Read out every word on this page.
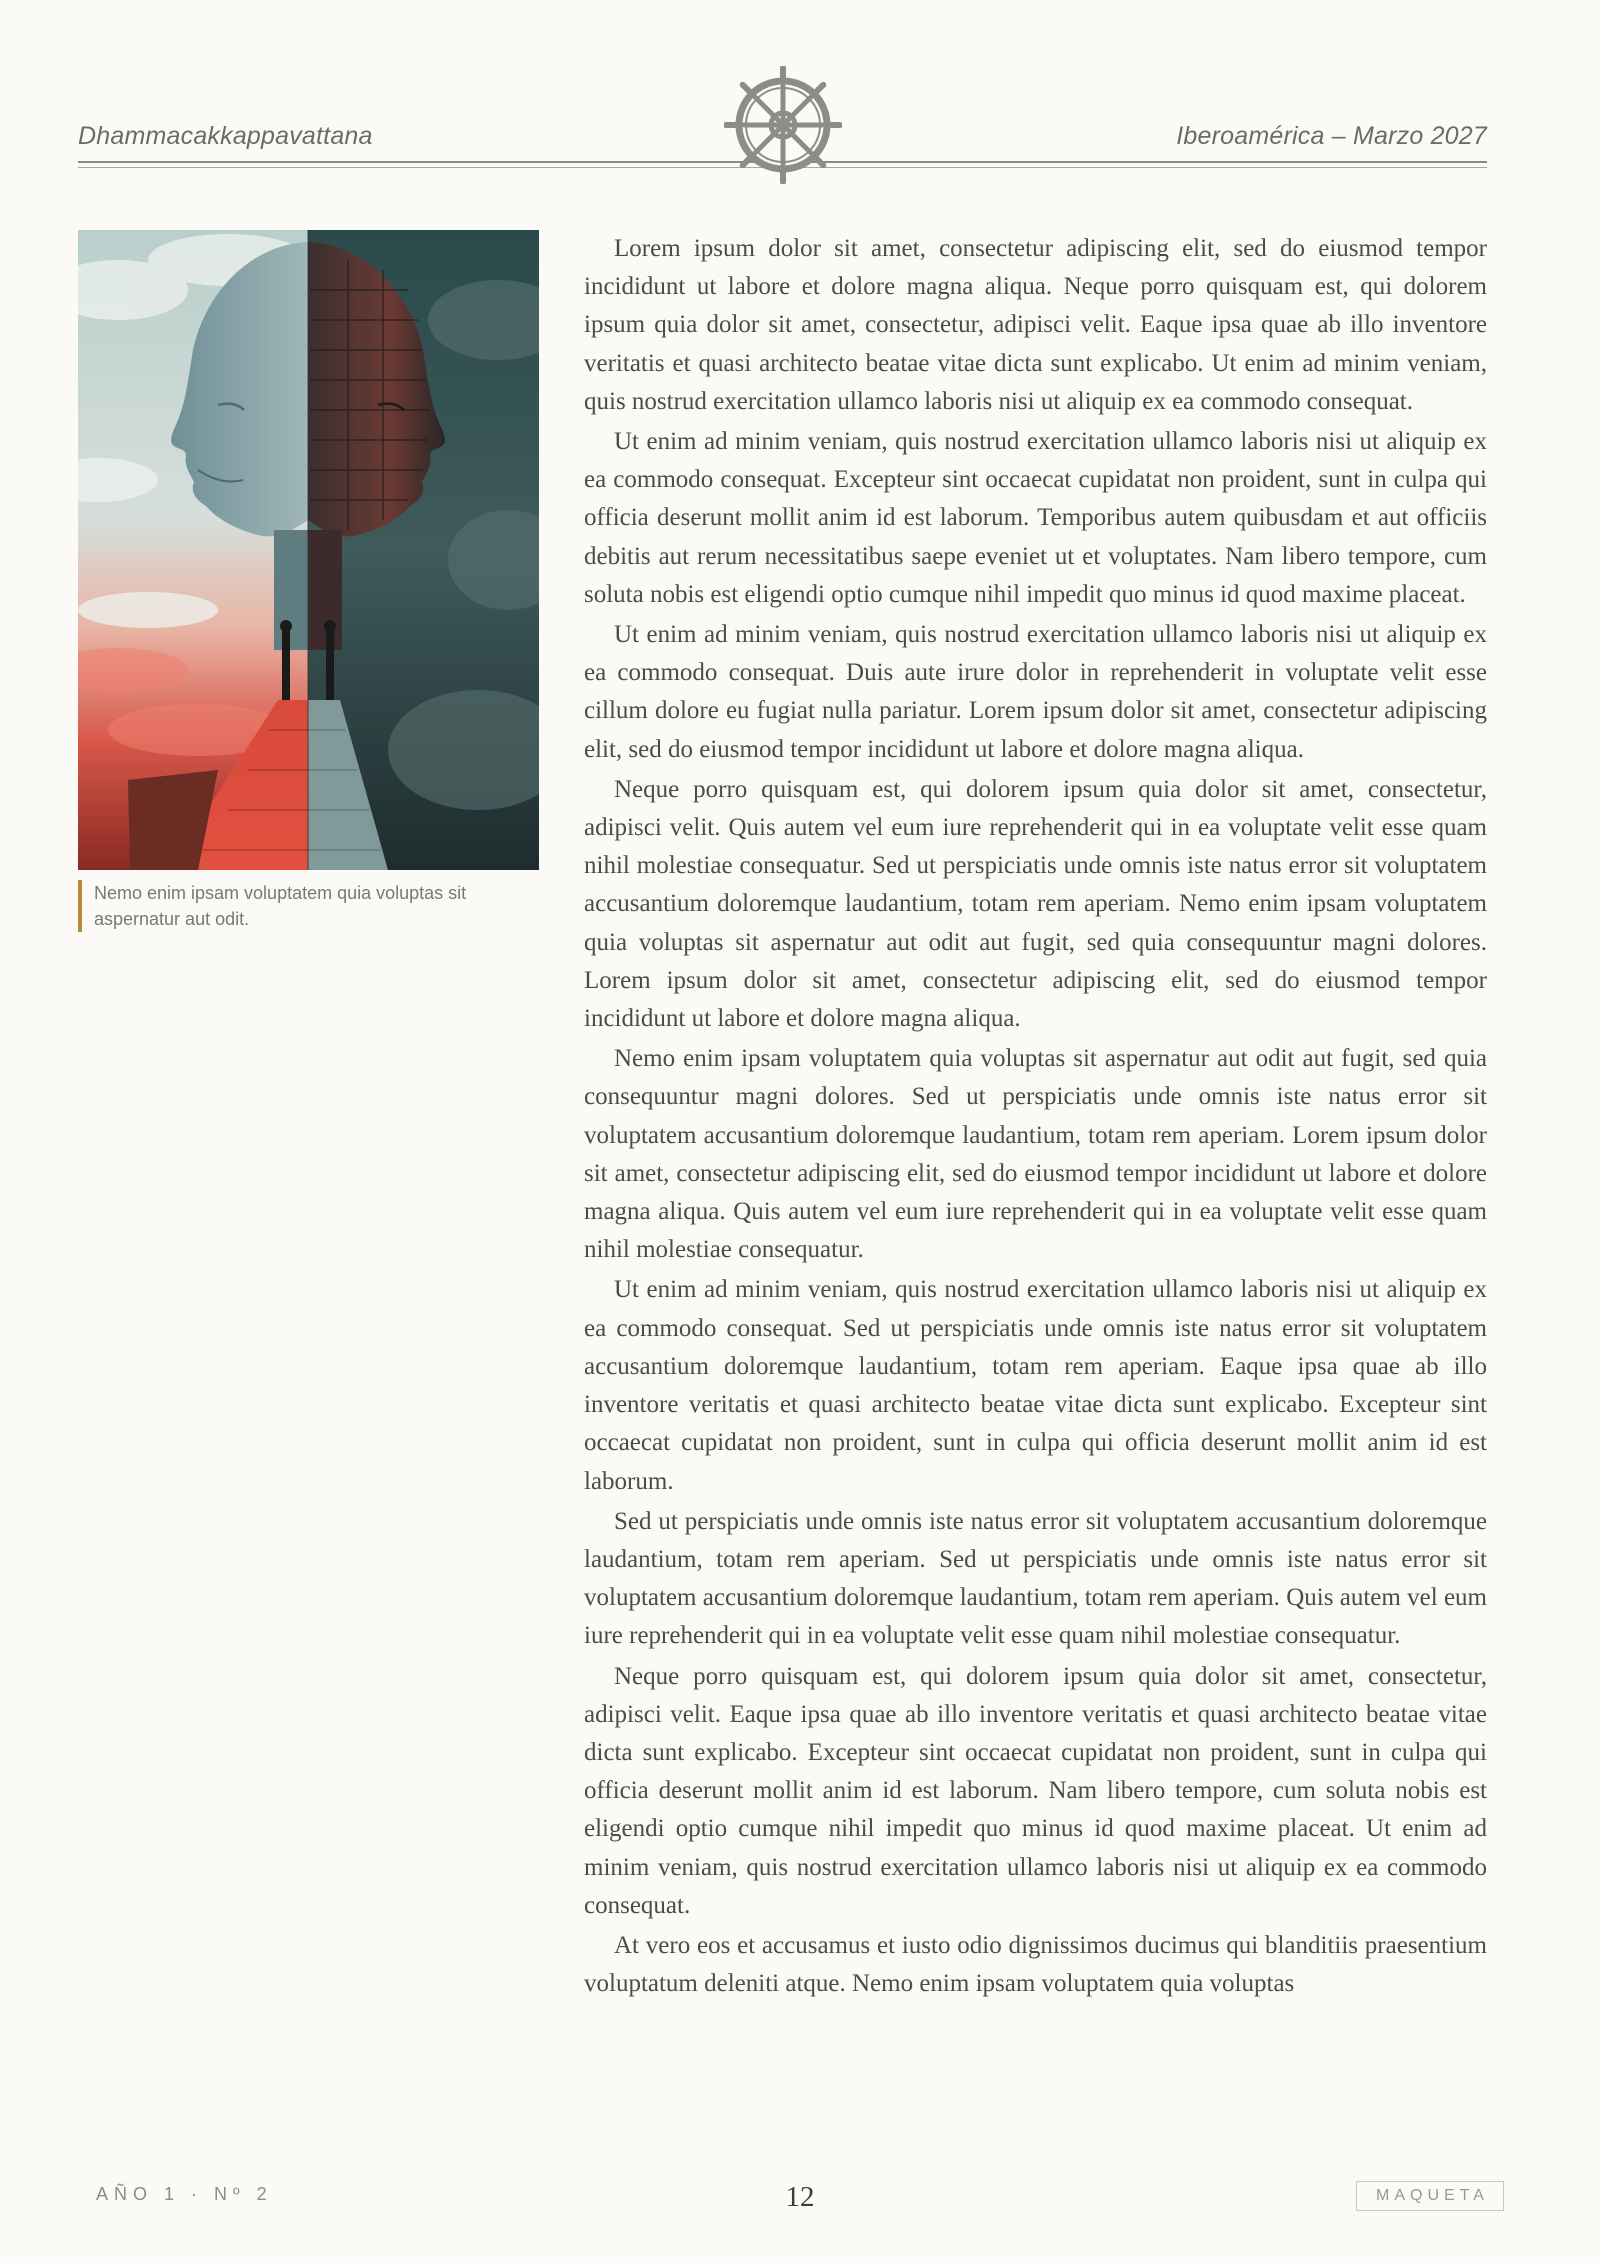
Dhammacakkappavattana	Iberoamérica – Marzo 2027
Nemo enim ipsam voluptatem quia voluptas sit aspernatur aut odit.

Lorem ipsum dolor sit amet, consectetur adipiscing elit, sed do eiusmod tempor incididunt ut labore et dolore magna aliqua. Neque porro quisquam est, qui dolorem ipsum quia dolor sit amet, consectetur, adipisci velit. Eaque ipsa quae ab illo inventore veritatis et quasi architecto beatae vitae dicta sunt explicabo. Ut enim ad minim veniam, quis nostrud exercitation ullamco laboris nisi ut aliquip ex ea commodo consequat.

Ut enim ad minim veniam, quis nostrud exercitation ullamco laboris nisi ut aliquip ex ea commodo consequat. Excepteur sint occaecat cupidatat non proident, sunt in culpa qui officia deserunt mollit anim id est laborum. Temporibus autem quibusdam et aut officiis debitis aut rerum necessitatibus saepe eveniet ut et voluptates. Nam libero tempore, cum soluta nobis est eligendi optio cumque nihil impedit quo minus id quod maxime placeat.

Ut enim ad minim veniam, quis nostrud exercitation ullamco laboris nisi ut aliquip ex ea commodo consequat. Duis aute irure dolor in reprehenderit in voluptate velit esse cillum dolore eu fugiat nulla pariatur. Lorem ipsum dolor sit amet, consectetur adipiscing elit, sed do eiusmod tempor incididunt ut labore et dolore magna aliqua.

Neque porro quisquam est, qui dolorem ipsum quia dolor sit amet, consectetur, adipisci velit. Quis autem vel eum iure reprehenderit qui in ea voluptate velit esse quam nihil molestiae consequatur. Sed ut perspiciatis unde omnis iste natus error sit voluptatem accusantium doloremque laudantium, totam rem aperiam. Nemo enim ipsam voluptatem quia voluptas sit aspernatur aut odit aut fugit, sed quia consequuntur magni dolores. Lorem ipsum dolor sit amet, consectetur adipiscing elit, sed do eiusmod tempor incididunt ut labore et dolore magna aliqua.

Nemo enim ipsam voluptatem quia voluptas sit aspernatur aut odit aut fugit, sed quia consequuntur magni dolores. Sed ut perspiciatis unde omnis iste natus error sit voluptatem accusantium doloremque laudantium, totam rem aperiam. Lorem ipsum dolor sit amet, consectetur adipiscing elit, sed do eiusmod tempor incididunt ut labore et dolore magna aliqua. Quis autem vel eum iure reprehenderit qui in ea voluptate velit esse quam nihil molestiae consequatur.

Ut enim ad minim veniam, quis nostrud exercitation ullamco laboris nisi ut aliquip ex ea commodo consequat. Sed ut perspiciatis unde omnis iste natus error sit voluptatem accusantium doloremque laudantium, totam rem aperiam. Eaque ipsa quae ab illo inventore veritatis et quasi architecto beatae vitae dicta sunt explicabo. Excepteur sint occaecat cupidatat non proident, sunt in culpa qui officia deserunt mollit anim id est laborum.

Sed ut perspiciatis unde omnis iste natus error sit voluptatem accusantium doloremque laudantium, totam rem aperiam. Sed ut perspiciatis unde omnis iste natus error sit voluptatem accusantium doloremque laudantium, totam rem aperiam. Quis autem vel eum iure reprehenderit qui in ea voluptate velit esse quam nihil molestiae consequatur.

Neque porro quisquam est, qui dolorem ipsum quia dolor sit amet, consectetur, adipisci velit. Eaque ipsa quae ab illo inventore veritatis et quasi architecto beatae vitae dicta sunt explicabo. Excepteur sint occaecat cupidatat non proident, sunt in culpa qui officia deserunt mollit anim id est laborum. Nam libero tempore, cum soluta nobis est eligendi optio cumque nihil impedit quo minus id quod maxime placeat. Ut enim ad minim veniam, quis nostrud exercitation ullamco laboris nisi ut aliquip ex ea commodo consequat.

At vero eos et accusamus et iusto odio dignissimos ducimus qui blanditiis praesentium voluptatum deleniti atque. Nemo enim ipsam voluptatem quia voluptas

AÑO 1 · Nº 2	12	MAQUETA
